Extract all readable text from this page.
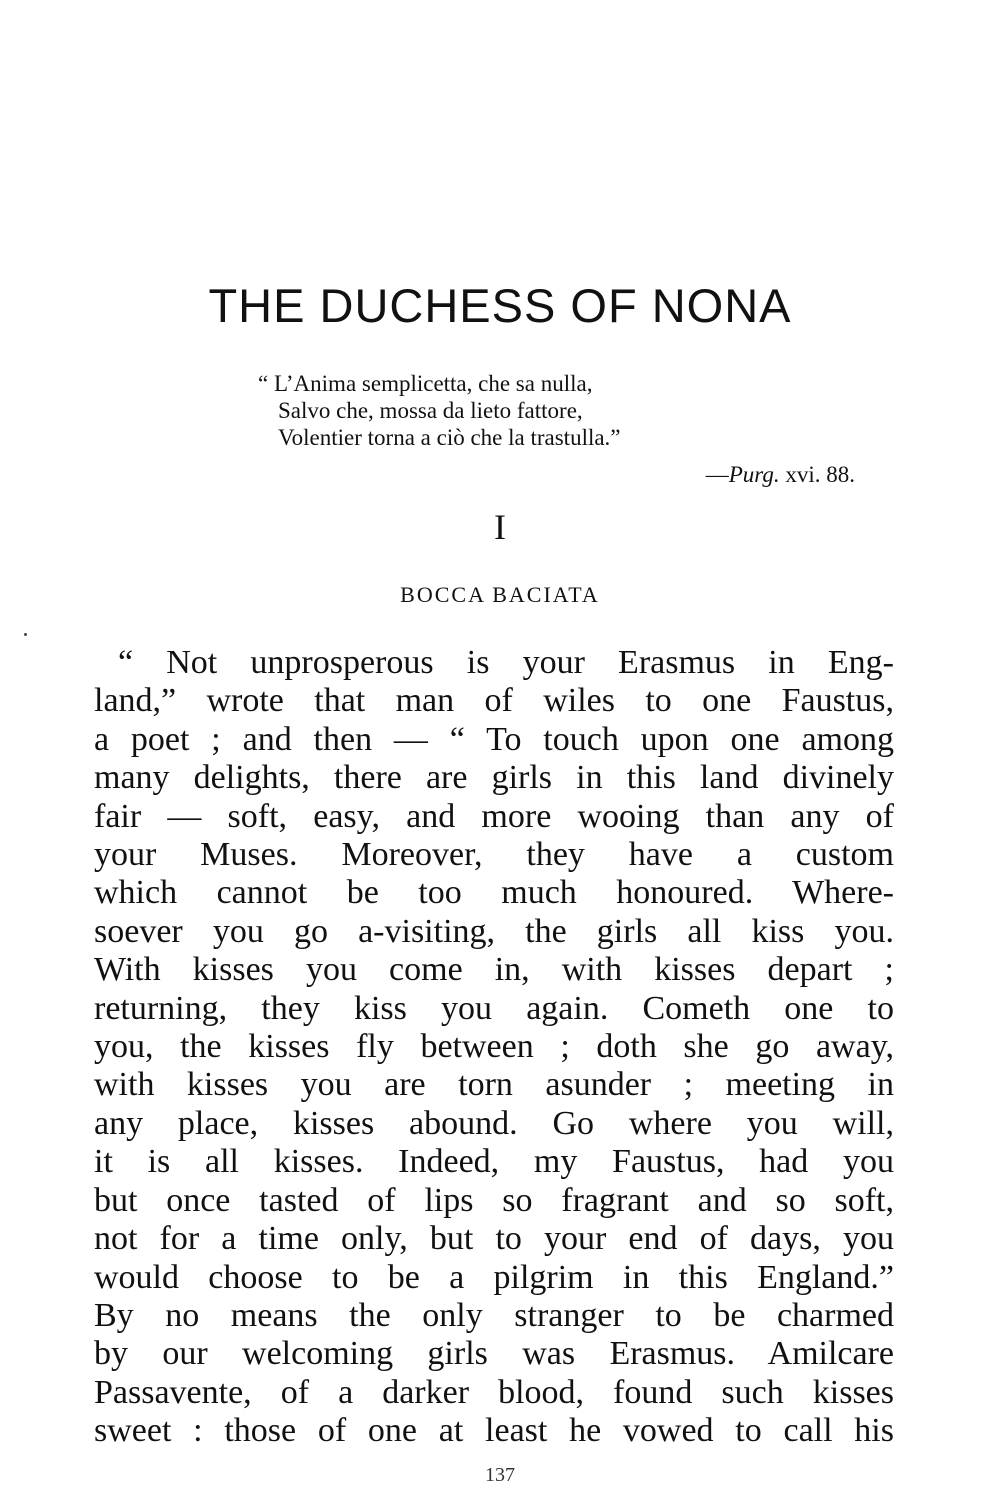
THE DUCHESS OF NONA
“ L’Anima semplicetta, che sa nulla,
Salvo che, mossa da lieto fattore,
Volentier torna a ciò che la trastulla.”
—Purg. xvi. 88.
I
BOCCA BACIATA
“ Not unprosperous is your Erasmus in Eng-
land,” wrote that man of wiles to one Faustus,
a poet ; and then — “ To touch upon one among
many delights, there are girls in this land divinely
fair — soft, easy, and more wooing than any of
your Muses. Moreover, they have a custom
which cannot be too much honoured. Where-
soever you go a-visiting, the girls all kiss you.
With kisses you come in, with kisses depart ;
returning, they kiss you again. Cometh one to
you, the kisses fly between ; doth she go away,
with kisses you are torn asunder ; meeting in
any place, kisses abound. Go where you will,
it is all kisses. Indeed, my Faustus, had you
but once tasted of lips so fragrant and so soft,
not for a time only, but to your end of days, you
would choose to be a pilgrim in this England.”
By no means the only stranger to be charmed
by our welcoming girls was Erasmus. Amilcare
Passavente, of a darker blood, found such kisses
sweet : those of one at least he vowed to call his
137
